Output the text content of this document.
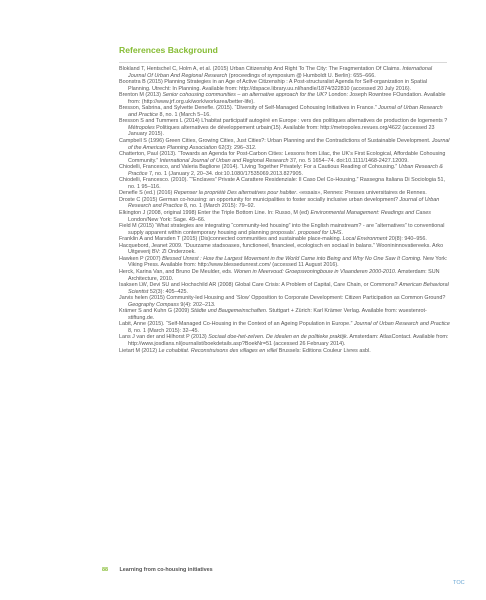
References Background
Blokland T, Hentschel C, Holm A, et al. (2015) Urban Citizenship And Right To The City: The Fragmentation Of Claims. International Journal Of Urban And Regional Research (proceedings of symposium @ Humboldt U. Berlin): 655–666.
Boonstra B (2015) Planning Strategies in an Age of Active Citizenship : A Post-structuralist Agenda for Self-organization in Spatial Planning. Utrecht: In Planning. Available from: http://dspace.library.uu.nl/handle/1874/322810 (accessed 20 July 2016).
Brenton M (2013) Senior cohousing communities – an alternative approach for the UK? London: Joseph Rowntree FOundation. Available from: (http://www.jrf.org.uk/work/workarea/better-life).
Bresson, Sabrina, and Sylvette Denefle. (2015). “Diversity of Self-Managed Cohousing Initiatives in France.” Journal of Urban Research and Practice 8, no. 1 (March 5–16.
Bresson S and Tummers L (2014) L’habitat participatif autogéré en Europe : vers des politiques alternatives de production de logements ? Métropoles Politiques alternatives de développement urbain(15). Available from: http://metropoles.revues.org/4622 (accessed 23 January 2015).
Campbell S (1996) Green Cities, Growing Cities, Just Cities?: Urban Planning and the Contradictions of Sustainable Development. Journal of the American Planning Association 62(3): 296–312.
Chatterton, Paul (2013). “Towards an Agenda for Post-Carbon Cities: Lessons from Lilac, the UK’s First Ecological, Affordable Cohousing Community.” International Journal of Urban and Regional Research 37, no. 5 1654–74. doi:10.1111/1468-2427.12009.
Chiodelli, Francesco, and Valeria Baglione (2014). “Living Together Privately: For a Cautious Reading of Cohousing.” Urban Research & Practice 7, no. 1 (January 2, 20–34. doi:10.1080/17535069.2013.827905.
Chiodelli, Francesco. (2010). “”Enclaves” Private A Carattere Residenziale: Il Caso Del Co-Housing.” Rassegna Italiana Di Sociologia 51, no. 1 95–116.
Denefle S (ed.) (2016) Repenser la propriété Des alternatives pour habiter. «essais», Rennes: Presses universitaires de Rennes.
Droste C (2015) German co-housing: an opportunity for municipalities to foster socially inclusive urban development? Journal of Urban Research and Practice 8, no. 1 (March 2015): 79–92.
Elkington J (2008, original 1998) Enter the Triple Bottom Line. In: Russo, M (ed) Environmental Management: Readings and Cases London/New York: Sage. 49–66.
Field M (2015) ‘What strategies are integrating “community-led housing” into the English mainstream? - are “alternatives” to conventional supply apparent within contemporary housing and planning proposals’. proposed for IJHS.
Franklin A and Marsden T (2015) (Dis)connected communities and sustainable place-making. Local Environment 20(8): 940–956.
Hacquebord, Jeanet 2009. “Duurzame stadsoases, functioneel, financieel, ecologisch en sociaal in balans.” Woonininnovatiereeks. Arko Uitgeverij BV: Zl Onderzoek.
Hawken P (2007) Blessed Unrest : How the Largest Movement in the World Came into Being and Why No One Saw It Coming. New York: Viking Press. Available from: http://www.blessedunrest.com/ (accessed 11 August 2016).
Herck, Karina Van, and Bruno De Meulder, eds. Wonen in Meervoud: Groepswoningbouw in Vlaanderen 2000-2010. Amsterdam: SUN Architecture, 2010.
Isaksen LW, Devi SU and Hochschild AR (2008) Global Care Crisis: A Problem of Capital, Care Chain, or Commons? American Behavioral Scientist 52(3): 405–425.
Jarvis helen (2015) Community-led Housing and ‘Slow’ Opposition to Corporate Development: Citizen Participation as Common Ground? Geography Compass 9(4): 202–213.
Krämer S and Kuhn G (2009) Städte und Baugemeinschaften. Stuttgart + Zürich: Karl Krämer Verlag. Available from: wuestenrot-stiftung.de.
Labit, Anne (2015). “Self-Managed Co-Housing in the Context of an Ageing Population in Europe.” Journal of Urban Research and Practice 8, no. 1 (March 2015): 32–45.
Lans J van der and Hilhorst P (2013) Sociaal doe-het-zelven. De idealen en de politieke praktijk. Amsterdam: AtlasContact. Available from: http://www.josdlans.nl/journalist/boekdetails.asp?BoekNr=51 (accessed 26 February 2014).
Lietart M (2012) Le cohabitat. Reconstruisons des villages en villel Brussels: Editions Couleur Livres asbl.
88 Learning from co-housing initiatives
TOC
